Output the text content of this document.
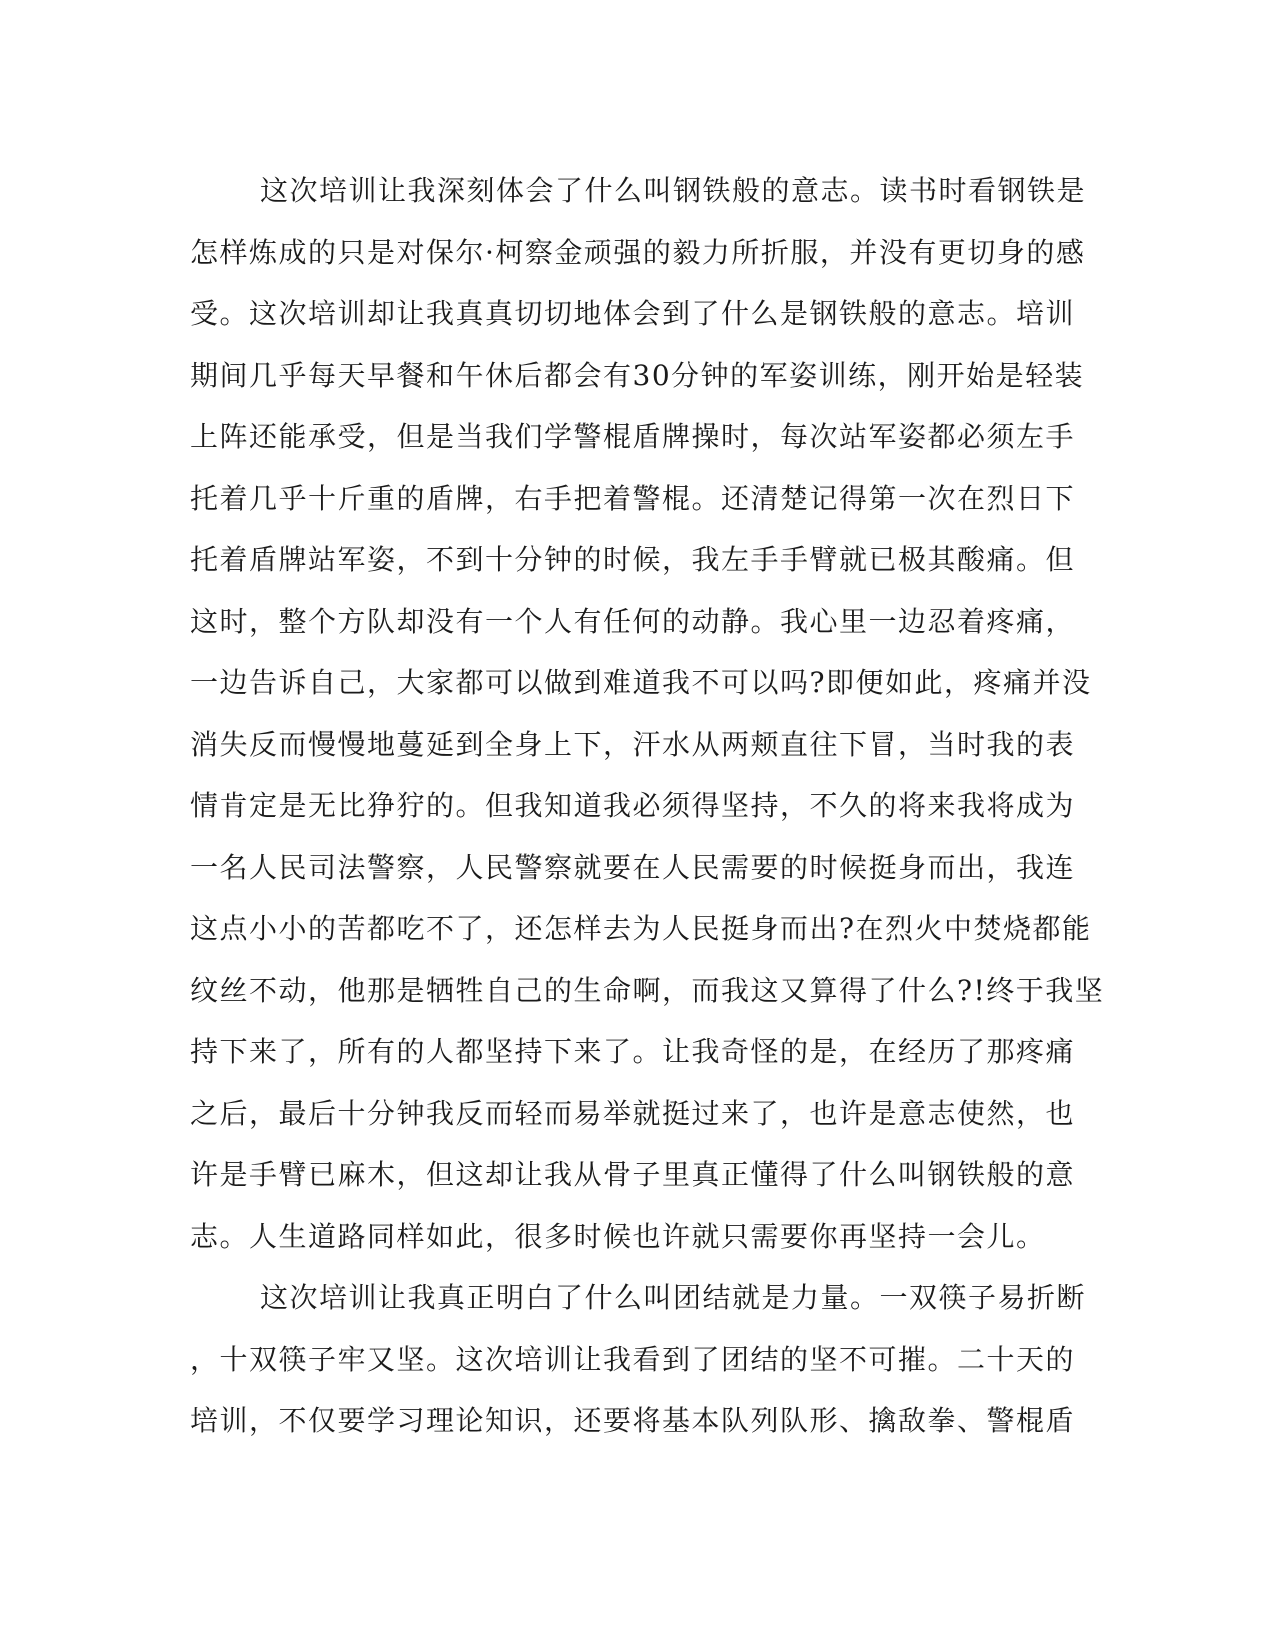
这次培训让我深刻体会了什么叫钢铁般的意志。读书时看钢铁是
怎样炼成的只是对保尔·柯察金顽强的毅力所折服，并没有更切身的感
受。这次培训却让我真真切切地体会到了什么是钢铁般的意志。培训
期间几乎每天早餐和午休后都会有30分钟的军姿训练，刚开始是轻装
上阵还能承受，但是当我们学警棍盾牌操时，每次站军姿都必须左手
托着几乎十斤重的盾牌，右手把着警棍。还清楚记得第一次在烈日下
托着盾牌站军姿，不到十分钟的时候，我左手手臂就已极其酸痛。但
这时，整个方队却没有一个人有任何的动静。我心里一边忍着疼痛，
一边告诉自己，大家都可以做到难道我不可以吗?即便如此，疼痛并没
消失反而慢慢地蔓延到全身上下，汗水从两颊直往下冒，当时我的表
情肯定是无比狰狞的。但我知道我必须得坚持，不久的将来我将成为
一名人民司法警察，人民警察就要在人民需要的时候挺身而出，我连
这点小小的苦都吃不了，还怎样去为人民挺身而出?在烈火中焚烧都能
纹丝不动，他那是牺牲自己的生命啊，而我这又算得了什么?!终于我坚
持下来了，所有的人都坚持下来了。让我奇怪的是，在经历了那疼痛
之后，最后十分钟我反而轻而易举就挺过来了，也许是意志使然，也
许是手臂已麻木，但这却让我从骨子里真正懂得了什么叫钢铁般的意
志。人生道路同样如此，很多时候也许就只需要你再坚持一会儿。
这次培训让我真正明白了什么叫团结就是力量。一双筷子易折断
，十双筷子牢又坚。这次培训让我看到了团结的坚不可摧。二十天的
培训，不仅要学习理论知识，还要将基本队列队形、擒敌拳、警棍盾
